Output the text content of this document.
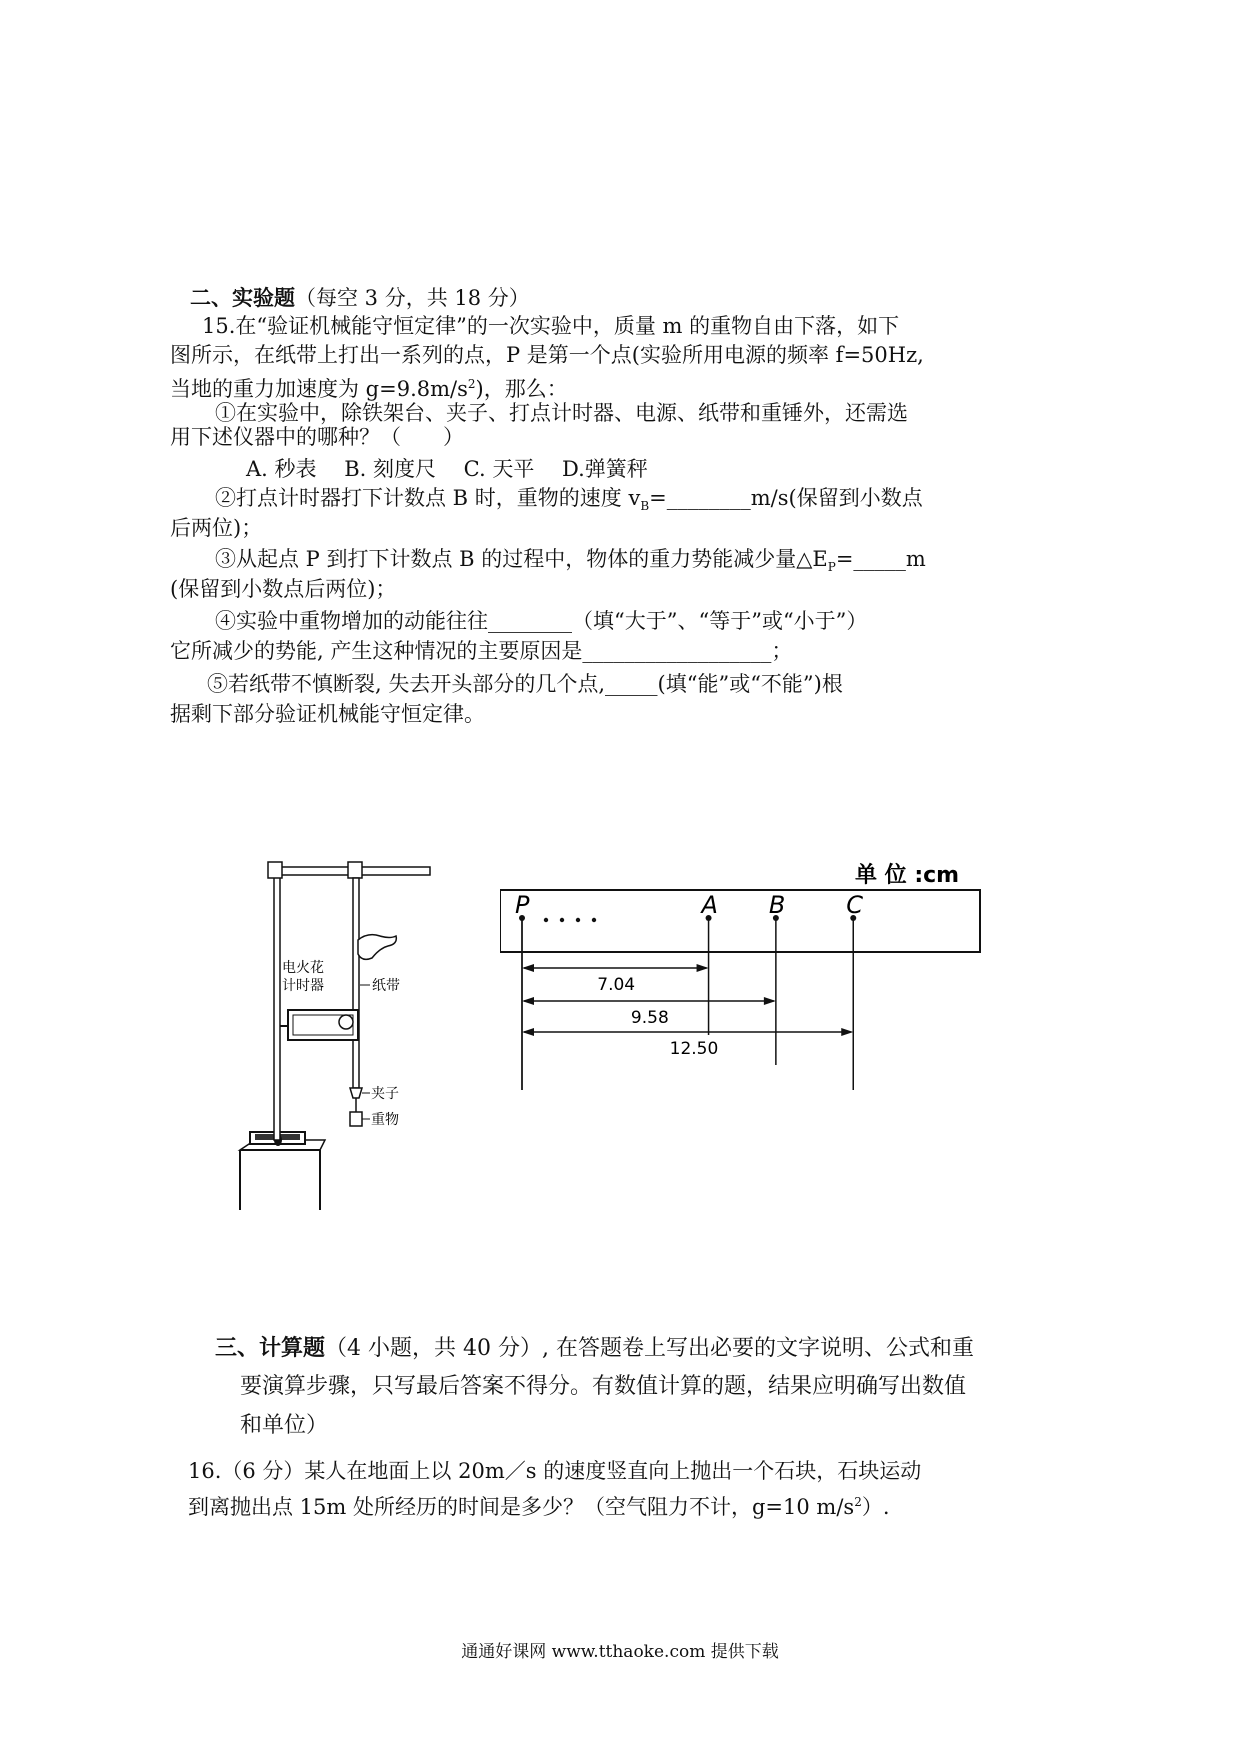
二、实验题（每空 3 分，共 18 分）
15.在“验证机械能守恒定律”的一次实验中，质量 m 的重物自由下落，如下
图所示，在纸带上打出一系列的点，P 是第一个点(实验所用电源的频率 f=50Hz,
当地的重力加速度为 $g=9.8m/s^2$)，那么：
①在实验中，除铁架台、夹子、打点计时器、电源、纸带和重锤外，还需选
用下述仪器中的哪种？（　　）
A. 秒表　 B. 刻度尺　 C. 天平　 D.弹簧秤
②打点计时器打下计数点 B 时，重物的速度 $v_B=\_\_\_\_\_\_\_\_m/s$(保留到小数点
后两位)；
③从起点 P 到打下计数点 B 的过程中，物体的重力势能减少量$\triangle E_P=\_\_\_\_\_m$
(保留到小数点后两位)；
④实验中重物增加的动能往往________（填“大于”、“等于”或“小于”）
它所减少的势能, 产生这种情况的主要原因是__________________；
⑤若纸带不慎断裂, 失去开头部分的几个点,_____(填“能”或“不能”)根
据剩下部分验证机械能守恒定律。
电火花
计时器	纸带
夹子
重物
单 位 :cm
P	A B	C
7.04
9.58
12.50
三、计算题（4 小题，共 40 分）, 在答题卷上写出必要的文字说明、公式和重
要演算步骤，只写最后答案不得分。有数值计算的题，结果应明确写出数值
和单位）
16.（6 分）某人在地面上以 20m／s 的速度竖直向上抛出一个石块，石块运动
到离抛出点 15m 处所经历的时间是多少？（空气阻力不计，g=10 $m/s^2$）.
通通好课网 www.tthaoke.com 提供下载
